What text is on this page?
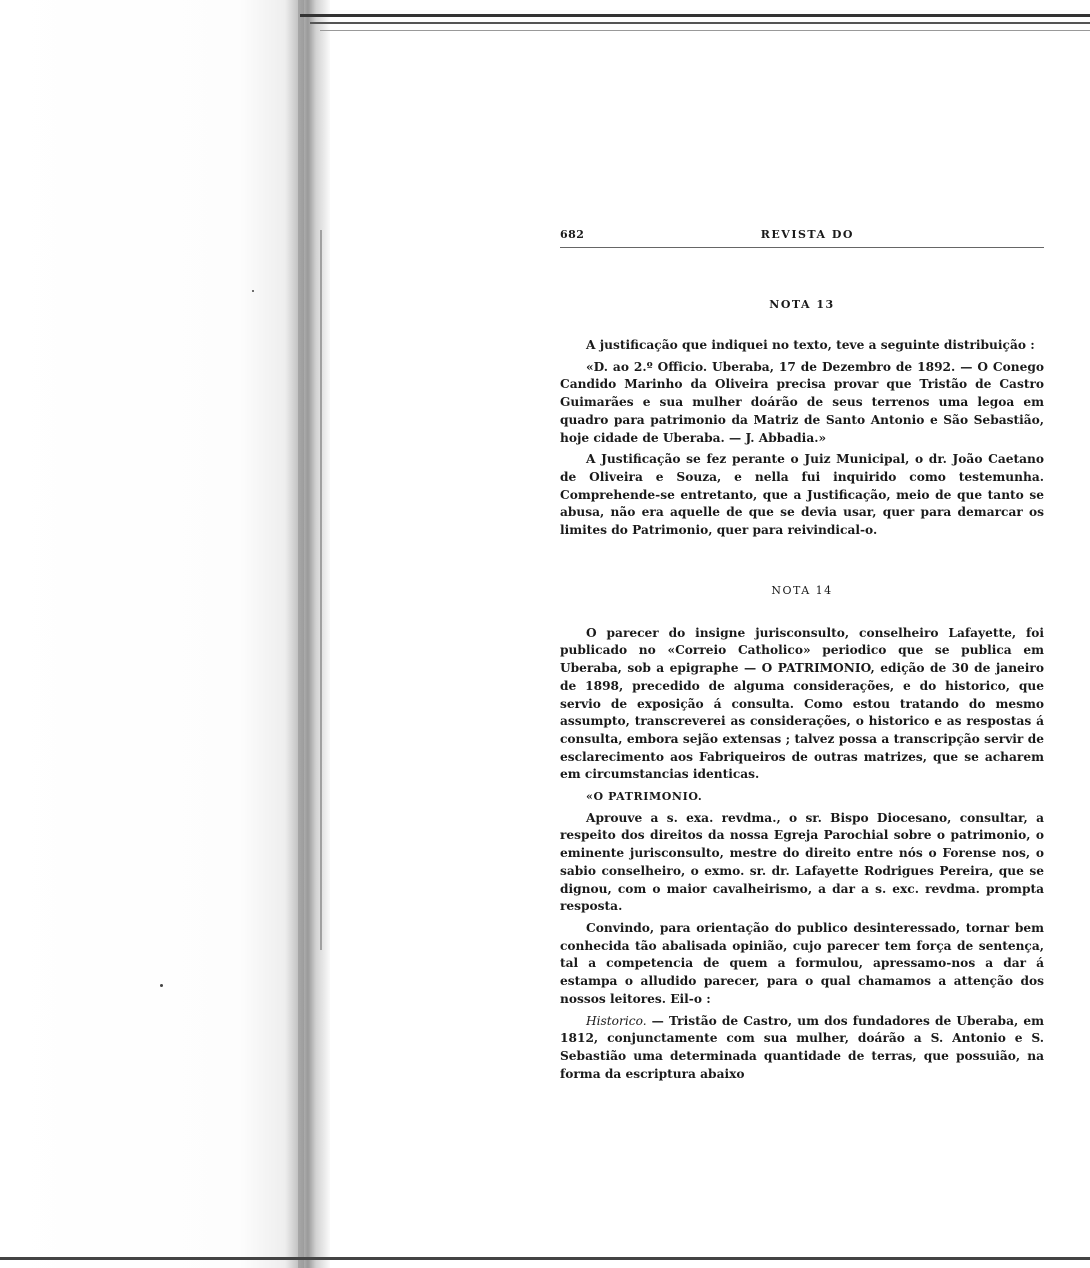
682	REVISTA DO
NOTA 13

A justificação que indiquei no texto, teve a seguinte distribuição :

«D. ao 2.º Officio. Uberaba, 17 de Dezembro de 1892. — O Conego Candido Marinho da Oliveira precisa provar que Tristão de Castro Guimarães e sua mulher doárão de seus terrenos uma legoa em quadro para patrimonio da Matriz de Santo Antonio e São Sebastião, hoje cidade de Uberaba. — J. Abbadia.»

A Justificação se fez perante o Juiz Municipal, o dr. João Caetano de Oliveira e Souza, e nella fui inquirido como testemunha. Comprehende-se entretanto, que a Justificação, meio de que tanto se abusa, não era aquelle de que se devia usar, quer para demarcar os limites do Patrimonio, quer para reivindical-o.

NOTA 14

O parecer do insigne jurisconsulto, conselheiro Lafayette, foi publicado no «Correio Catholico» periodico que se publica em Uberaba, sob a epigraphe — O PATRIMONIO, edição de 30 de janeiro de 1898, precedido de alguma considerações, e do historico, que servio de exposição á consulta. Como estou tratando do mesmo assumpto, transcreverei as considerações, o historico e as respostas á consulta, embora sejão extensas ; talvez possa a transcripção servir de esclarecimento aos Fabriqueiros de outras matrizes, que se acharem em circumstancias identicas.

«O PATRIMONIO.

Aprouve a s. exa. revdma., o sr. Bispo Diocesano, consultar, a respeito dos direitos da nossa Egreja Parochial sobre o patrimonio, o eminente jurisconsulto, mestre do direito entre nós o Forense nos, o sabio conselheiro, o exmo. sr. dr. Lafayette Rodrigues Pereira, que se dignou, com o maior cavalheirismo, a dar a s. exc. revdma. prompta resposta.

Convindo, para orientação do publico desinteressado, tornar bem conhecida tão abalisada opinião, cujo parecer tem força de sentença, tal a competencia de quem a formulou, apressamo-nos a dar á estampa o alludido parecer, para o qual chamamos a attenção dos nossos leitores. Eil-o :

Historico. — Tristão de Castro, um dos fundadores de Uberaba, em 1812, conjunctamente com sua mulher, doárão a S. Antonio e S. Sebastião uma determinada quantidade de terras, que possuião, na forma da escriptura abaixo
